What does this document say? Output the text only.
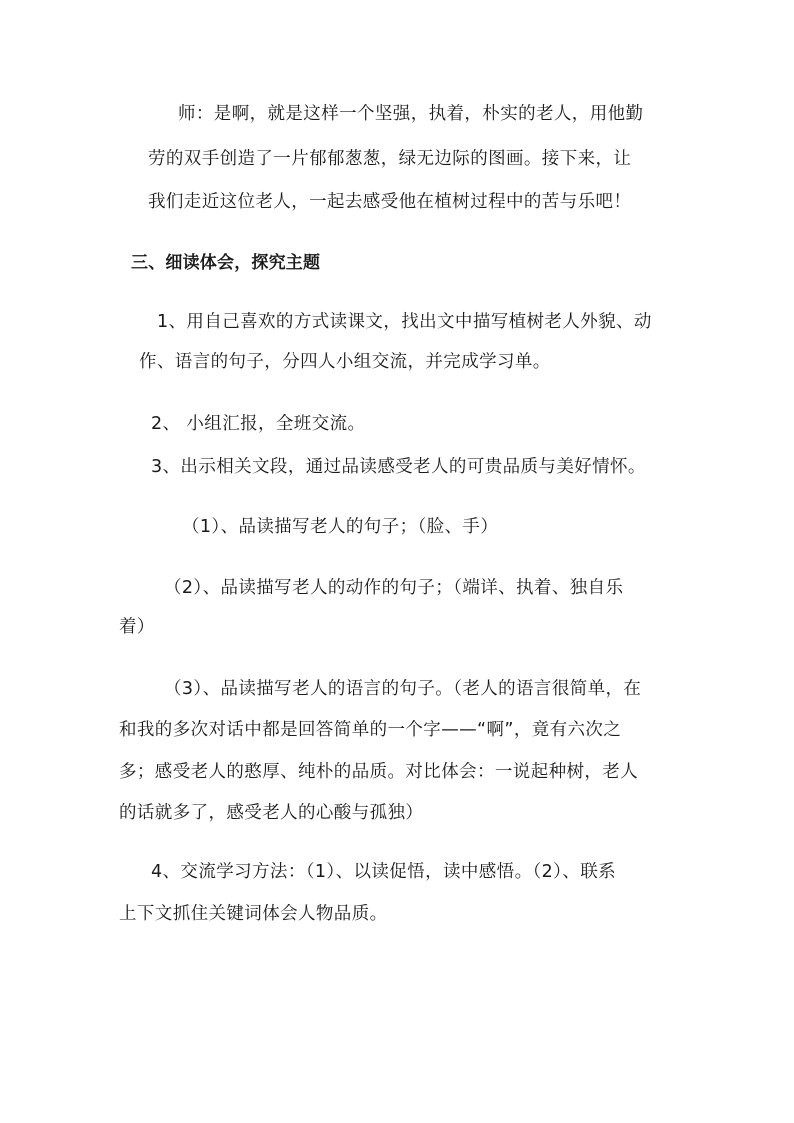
师：是啊，就是这样一个坚强，执着，朴实的老人，用他勤
劳的双手创造了一片郁郁葱葱，绿无边际的图画。接下来，让
我们走近这位老人，一起去感受他在植树过程中的苦与乐吧！
三、细读体会，探究主题
1、用自己喜欢的方式读课文，找出文中描写植树老人外貌、动
作、语言的句子，分四人小组交流，并完成学习单。
2、 小组汇报，全班交流。
3、出示相关文段，通过品读感受老人的可贵品质与美好情怀。
（1）、品读描写老人的句子；（脸、手）
（2）、品读描写老人的动作的句子；（端详、执着、独自乐
着）
（3）、品读描写老人的语言的句子。（老人的语言很简单，在
和我的多次对话中都是回答简单的一个字——“啊”，竟有六次之
多；感受老人的憨厚、纯朴的品质。对比体会：一说起种树，老人
的话就多了，感受老人的心酸与孤独）
4、交流学习方法：（1）、以读促悟，读中感悟。（2）、联系
上下文抓住关键词体会人物品质。
